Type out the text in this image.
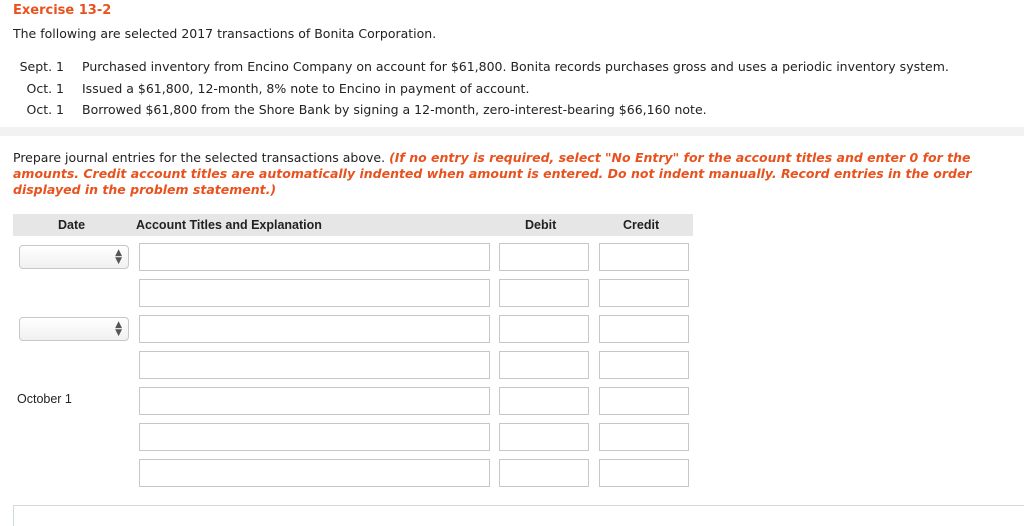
Exercise 13-2
The following are selected 2017 transactions of Bonita Corporation.
Sept. 1 Purchased inventory from Encino Company on account for $61,800. Bonita records purchases gross and uses a periodic inventory system.
Oct. 1 Issued a $61,800, 12-month, 8% note to Encino in payment of account.
Oct. 1 Borrowed $61,800 from the Shore Bank by signing a 12-month, zero-interest-bearing $66,160 note.
Prepare journal entries for the selected transactions above. (If no entry is required, select "No Entry" for the account titles and enter 0 for the amounts. Credit account titles are automatically indented when amount is entered. Do not indent manually. Record entries in the order displayed in the problem statement.)
Date	Account Titles and Explanation	Debit	Credit
▲
▼
▲
▼
October 1
